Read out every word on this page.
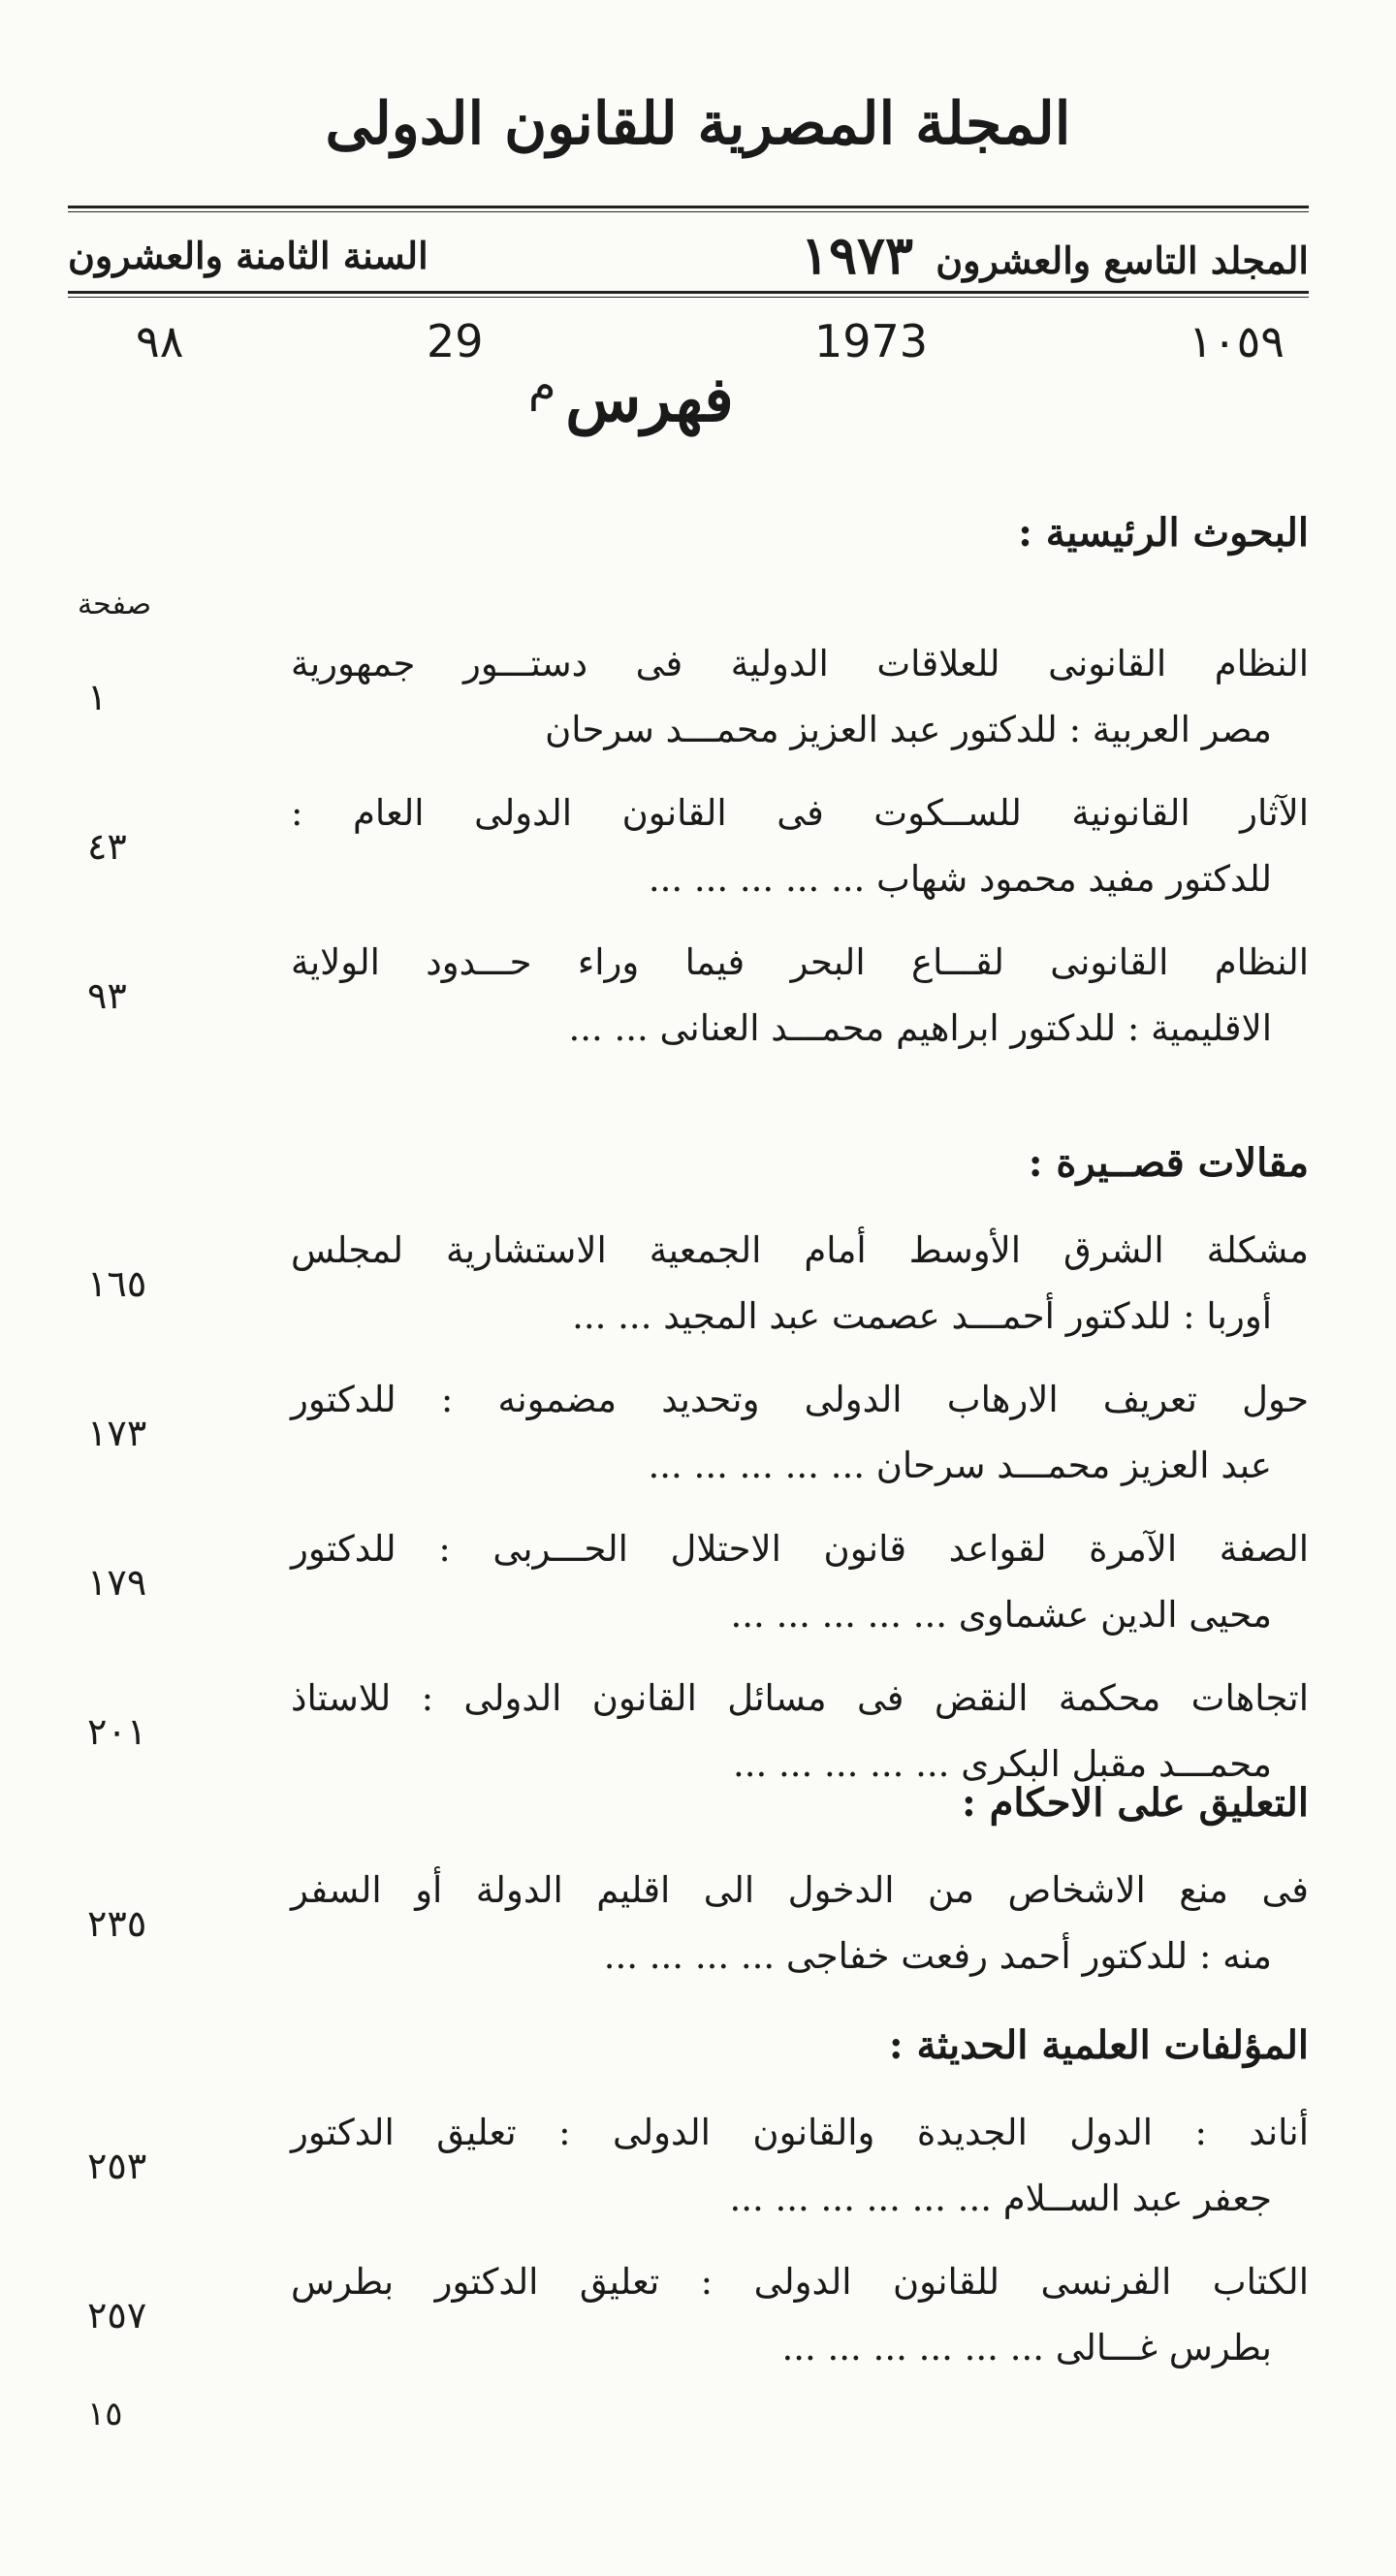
المجلة المصرية للقانون الدولى
المجلد التاسع والعشرون ١٩٧٣
السنة الثامنة والعشرون
١٠٥٩
1973
29
م
٩٨
فهرس
البحوث الرئيسية :
صفحة
النظام القانونى للعلاقات الدولية فى دستـــور جمهورية
مصر العربية : للدكتور عبد العزيز محمـــد سرحان
١
الآثار القانونية للســكوت فى القانون الدولى العام :
للدكتور مفيد محمود شهاب ... ... ... ... ...
٤٣
النظام القانونى لقـــاع البحر فيما وراء حـــدود الولاية
الاقليمية : للدكتور ابراهيم محمـــد العنانى ... ...
٩٣
مقالات قصــيرة :
مشكلة الشرق الأوسط أمام الجمعية الاستشارية لمجلس
أوربا : للدكتور أحمـــد عصمت عبد المجيد ... ...
١٦٥
حول تعريف الارهاب الدولى وتحديد مضمونه : للدكتور
عبد العزيز محمـــد سرحان ... ... ... ... ...
١٧٣
الصفة الآمرة لقواعد قانون الاحتلال الحـــربى : للدكتور
محيى الدين عشماوى ... ... ... ... ...
١٧٩
اتجاهات محكمة النقض فى مسائل القانون الدولى : للاستاذ
محمـــد مقبل البكرى ... ... ... ... ...
٢٠١
التعليق على الاحكام :
فى منع الاشخاص من الدخول الى اقليم الدولة أو السفر
منه : للدكتور أحمد رفعت خفاجى ... ... ... ...
٢٣٥
المؤلفات العلمية الحديثة :
أناند : الدول الجديدة والقانون الدولى : تعليق الدكتور
جعفر عبد الســلام ... ... ... ... ... ...
٢٥٣
الكتاب الفرنسى للقانون الدولى : تعليق الدكتور بطرس
بطرس غـــالى ... ... ... ... ... ...
٢٥٧
١٥
